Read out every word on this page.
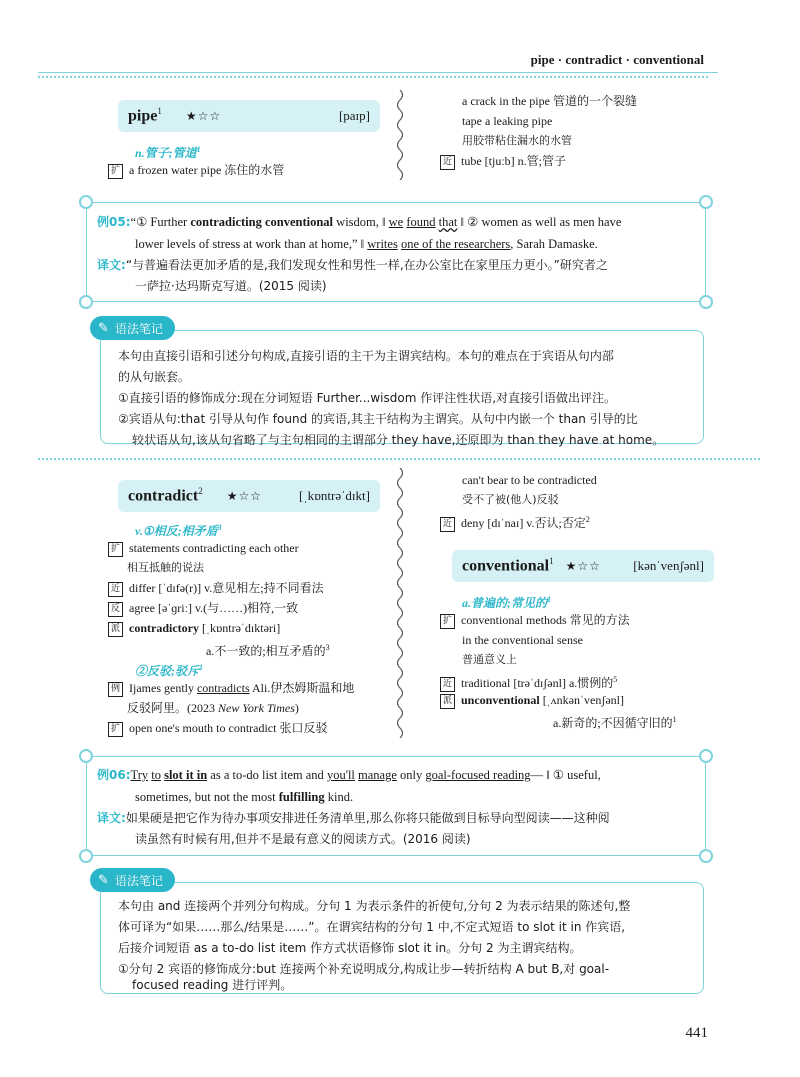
pipe · contradict · conventional
pipe$^1$ ★☆☆	[paɪp]
n.管子;管道$^1$
扩 a frozen water pipe 冻住的水管
a crack in the pipe 管道的一个裂缝
tape a leaking pipe
用胶带粘住漏水的水管
近 tube [tjuːb] n.管;管子
例05:“① Further contradicting conventional wisdom, ‖ we found that ‖ ② women as well as men have
lower levels of stress at work than at home,” ‖ writes one of the researchers, Sarah Damaske.
译文:“与普遍看法更加矛盾的是,我们发现女性和男性一样,在办公室比在家里压力更小。”研究者之
一萨拉·达玛斯克写道。(2015 阅读)
✎ 语法笔记
本句由直接引语和引述分句构成,直接引语的主干为主谓宾结构。本句的难点在于宾语从句内部
的从句嵌套。
①直接引语的修饰成分:现在分词短语 Further...wisdom 作评注性状语,对直接引语做出评注。
②宾语从句:that 引导从句作 found 的宾语,其主干结构为主谓宾。从句中内嵌一个 than 引导的比
较状语从句,该从句省略了与主句相同的主谓部分 they have,还原即为 than they have at home。
contradict$^2$ ★☆☆	[ˌkɒntrəˈdɪkt]
v.①相反;相矛盾$^3$
扩 statements contradicting each other
相互抵触的说法
近 differ [ˈdɪfə(r)] v.意见相左;持不同看法
反 agree [əˈɡriː] v.(与……)相符,一致
派 contradictory [ˌkɒntrəˈdɪktəri]
a.不一致的;相互矛盾的$^3$
②反驳;驳斥$^1$
例 Ijames gently contradicts Ali.伊杰姆斯温和地
反驳阿里。(2023 New York Times)
扩 open one's mouth to contradict 张口反驳
can't bear to be contradicted
受不了被(他人)反驳
近 deny [dɪˈnaɪ] v.否认;否定$^2$
conventional$^1$ ★☆☆ [kənˈvenʃənl]
a.普遍的;常见的$^1$
扩 conventional methods 常见的方法
in the conventional sense
普通意义上
近 traditional [trəˈdɪʃənl] a.惯例的$^5$
派 unconventional [ˌʌnkənˈvenʃənl]
a.新奇的;不因循守旧的$^1$
例06:Try to slot it in as a to-do list item and you'll manage only goal-focused reading— ‖ ① useful,
sometimes, but not the most fulfilling kind.
译文:如果硬是把它作为待办事项安排进任务清单里,那么你将只能做到目标导向型阅读——这种阅
读虽然有时候有用,但并不是最有意义的阅读方式。(2016 阅读)
✎ 语法笔记
本句由 and 连接两个并列分句构成。分句 1 为表示条件的祈使句,分句 2 为表示结果的陈述句,整
体可译为“如果……那么/结果是……”。在谓宾结构的分句 1 中,不定式短语 to slot it in 作宾语,
后接介词短语 as a to-do list item 作方式状语修饰 slot it in。分句 2 为主谓宾结构。
①分句 2 宾语的修饰成分:but 连接两个补充说明成分,构成让步—转折结构 A but B,对 goal-
focused reading 进行评判。
441
